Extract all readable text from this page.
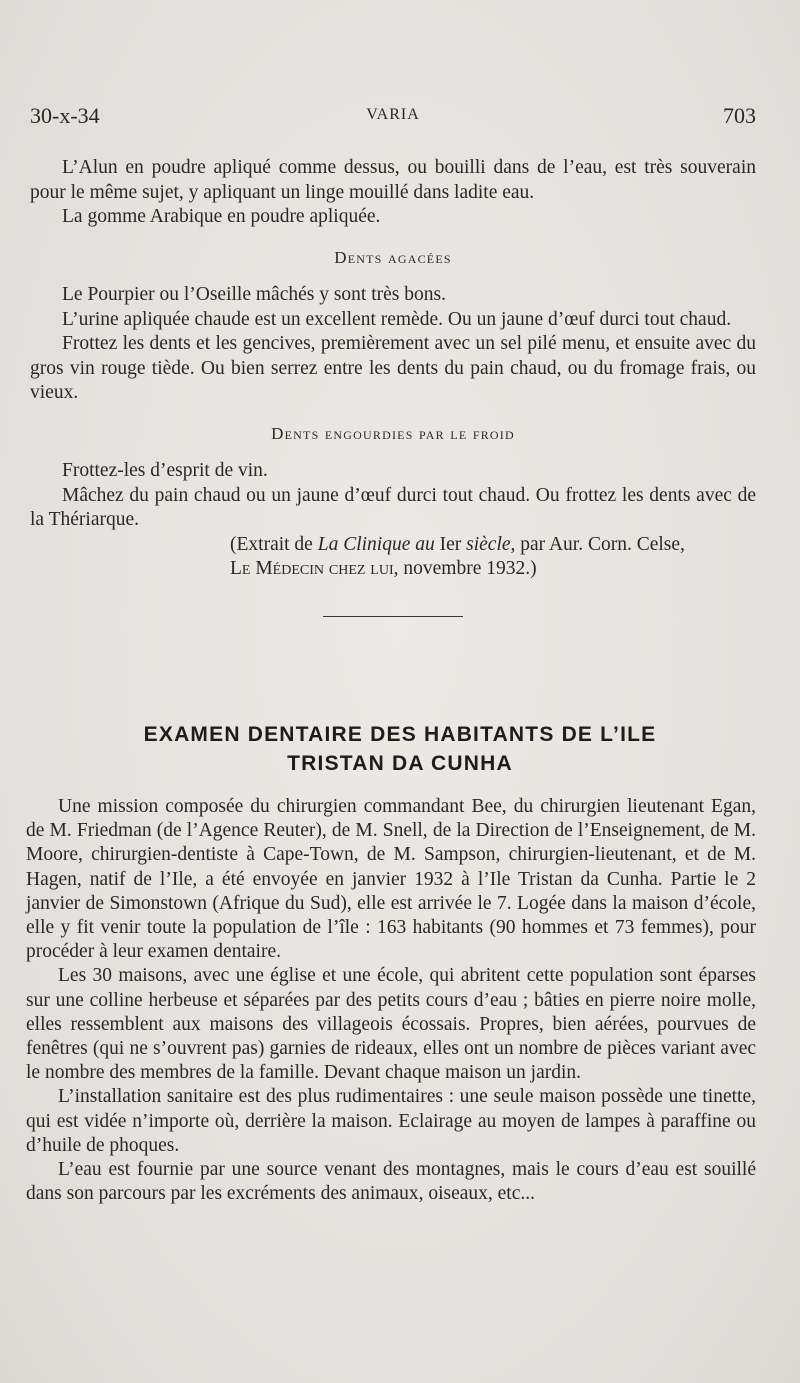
30-x-34	VARIA	703

L’Alun en poudre apliqué comme dessus, ou bouilli dans de l’eau, est très souverain pour le même sujet, y apliquant un linge mouillé dans ladite eau.

La gomme Arabique en poudre apliquée.

Dents agacées

Le Pourpier ou l’Oseille mâchés y sont très bons.

L’urine apliquée chaude est un excellent remède. Ou un jaune d’œuf durci tout chaud.

Frottez les dents et les gencives, premièrement avec un sel pilé menu, et ensuite avec du gros vin rouge tiède. Ou bien serrez entre les dents du pain chaud, ou du fromage frais, ou vieux.

Dents engourdies par le froid

Frottez-les d’esprit de vin.

Mâchez du pain chaud ou un jaune d’œuf durci tout chaud. Ou frottez les dents avec de la Thériarque.

(Extrait de La Clinique au Ier siècle, par Aur. Corn. Celse,

Le Médecin chez lui, novembre 1932.)

EXAMEN DENTAIRE DES HABITANTS DE L’ILE
TRISTAN DA CUNHA

Une mission composée du chirurgien commandant Bee, du chirurgien lieutenant Egan, de M. Friedman (de l’Agence Reuter), de M. Snell, de la Direction de l’Enseignement, de M. Moore, chirurgien-dentiste à Cape-Town, de M. Sampson, chirurgien-lieutenant, et de M. Hagen, natif de l’Ile, a été envoyée en janvier 1932 à l’Ile Tristan da Cunha. Partie le 2 janvier de Simonstown (Afrique du Sud), elle est arrivée le 7. Logée dans la maison d’école, elle y fit venir toute la population de l’île : 163 habitants (90 hommes et 73 femmes), pour procéder à leur examen dentaire.

Les 30 maisons, avec une église et une école, qui abritent cette population sont éparses sur une colline herbeuse et séparées par des petits cours d’eau ; bâties en pierre noire molle, elles ressemblent aux maisons des villageois écossais. Propres, bien aérées, pourvues de fenêtres (qui ne s’ouvrent pas) garnies de rideaux, elles ont un nombre de pièces variant avec le nombre des membres de la famille. Devant chaque maison un jardin.

L’installation sanitaire est des plus rudimentaires : une seule maison possède une tinette, qui est vidée n’importe où, derrière la maison. Eclairage au moyen de lampes à paraffine ou d’huile de phoques.

L’eau est fournie par une source venant des montagnes, mais le cours d’eau est souillé dans son parcours par les excréments des animaux, oiseaux, etc...
